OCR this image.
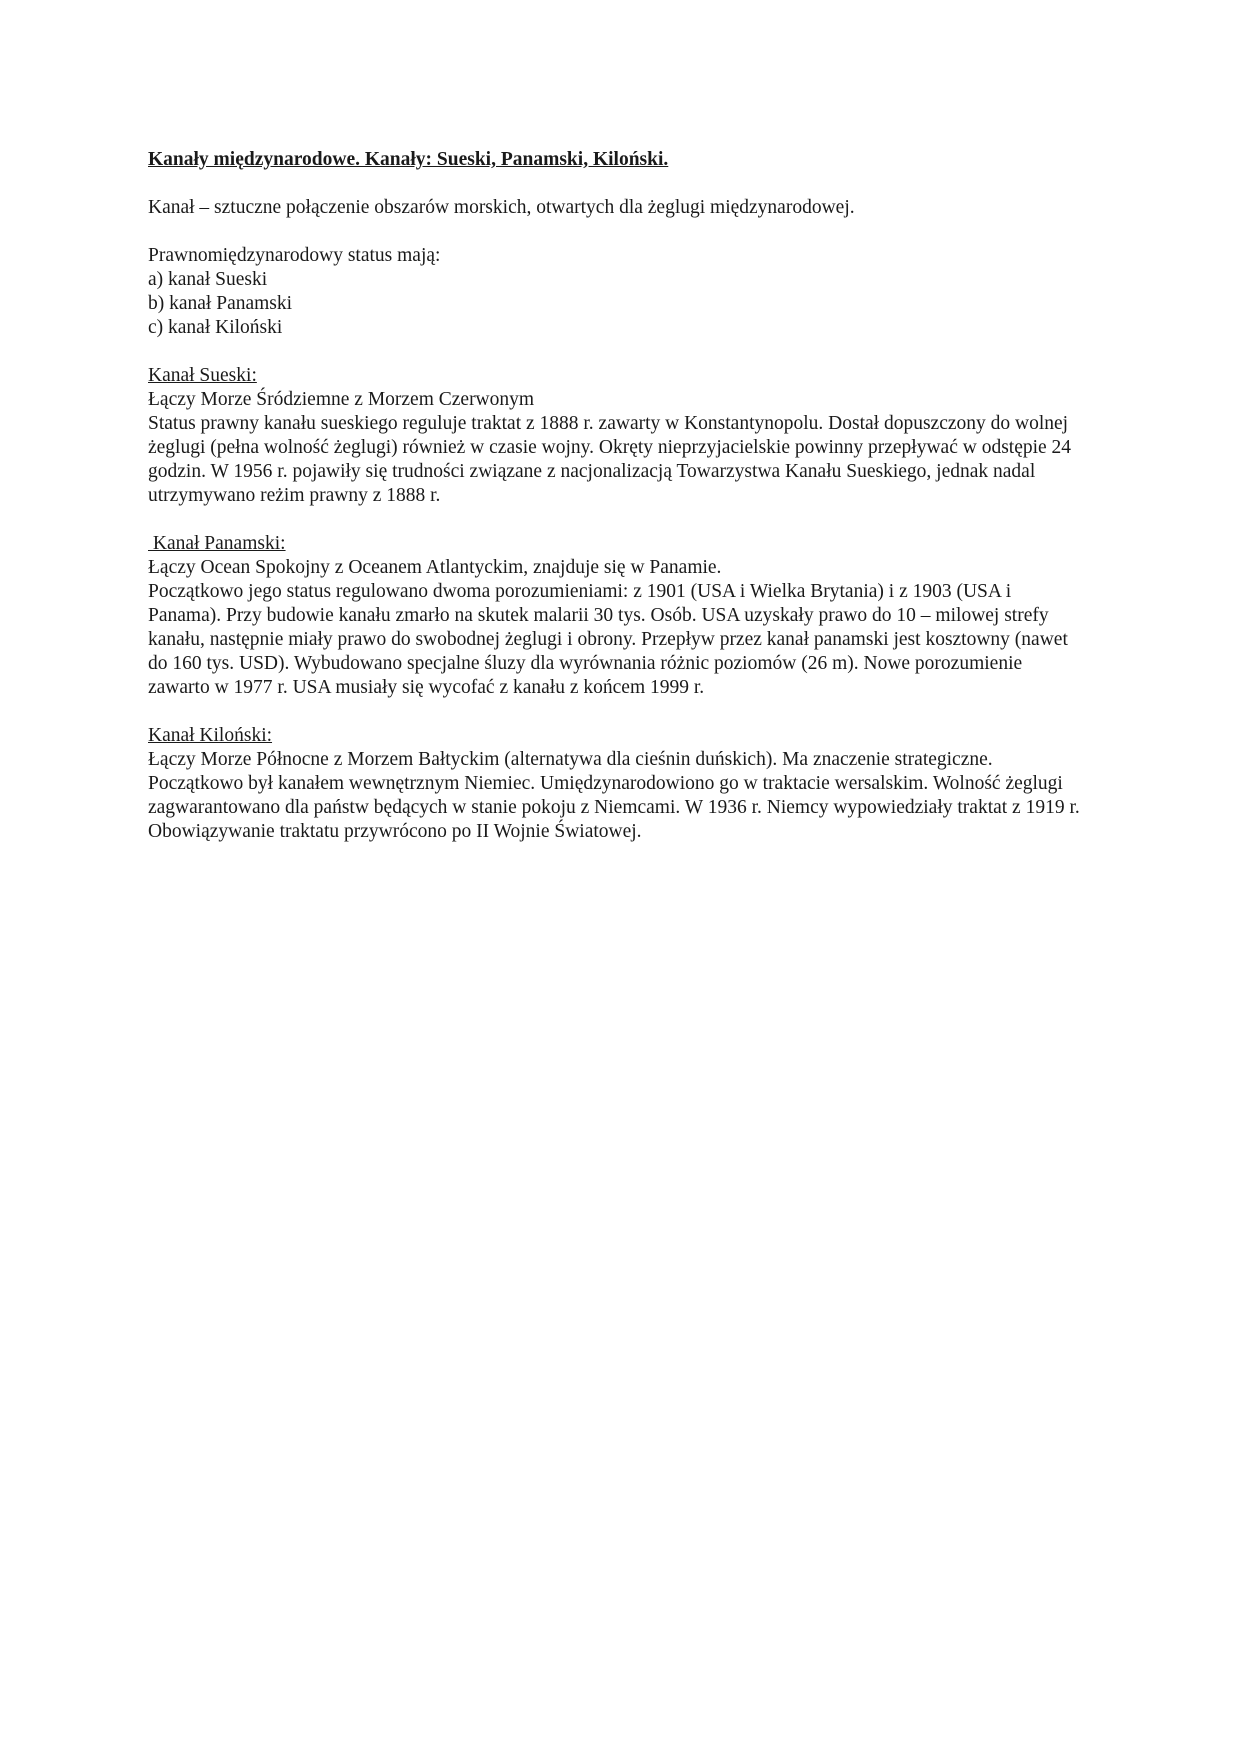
Kanały międzynarodowe. Kanały: Sueski, Panamski, Kiloński.

Kanał – sztuczne połączenie obszarów morskich, otwartych dla żeglugi międzynarodowej.

Prawnomiędzynarodowy status mają:

a) kanał Sueski

b) kanał Panamski

c) kanał Kiloński

Kanał Sueski:

Łączy Morze Śródziemne z Morzem Czerwonym

Status prawny kanału sueskiego reguluje traktat z 1888 r. zawarty w Konstantynopolu. Dostał dopuszczony do wolnej żeglugi (pełna wolność żeglugi) również w czasie wojny. Okręty nieprzyjacielskie powinny przepływać w odstępie 24 godzin. W 1956 r. pojawiły się trudności związane z nacjonalizacją Towarzystwa Kanału Sueskiego, jednak nadal utrzymywano reżim prawny z 1888 r.

Kanał Panamski:

Łączy Ocean Spokojny z Oceanem Atlantyckim, znajduje się w Panamie.

Początkowo jego status regulowano dwoma porozumieniami: z 1901 (USA i Wielka Brytania) i z 1903 (USA i Panama). Przy budowie kanału zmarło na skutek malarii 30 tys. Osób. USA uzyskały prawo do 10 – milowej strefy kanału, następnie miały prawo do swobodnej żeglugi i obrony. Przepływ przez kanał panamski jest kosztowny (nawet do 160 tys. USD). Wybudowano specjalne śluzy dla wyrównania różnic poziomów (26 m). Nowe porozumienie zawarto w 1977 r. USA musiały się wycofać z kanału z końcem 1999 r.

Kanał Kiloński:

Łączy Morze Północne z Morzem Bałtyckim (alternatywa dla cieśnin duńskich). Ma znaczenie strategiczne. Początkowo był kanałem wewnętrznym Niemiec. Umiędzynarodowiono go w traktacie wersalskim. Wolność żeglugi zagwarantowano dla państw będących w stanie pokoju z Niemcami. W 1936 r. Niemcy wypowiedziały traktat z 1919 r. Obowiązywanie traktatu przywrócono po II Wojnie Światowej.
